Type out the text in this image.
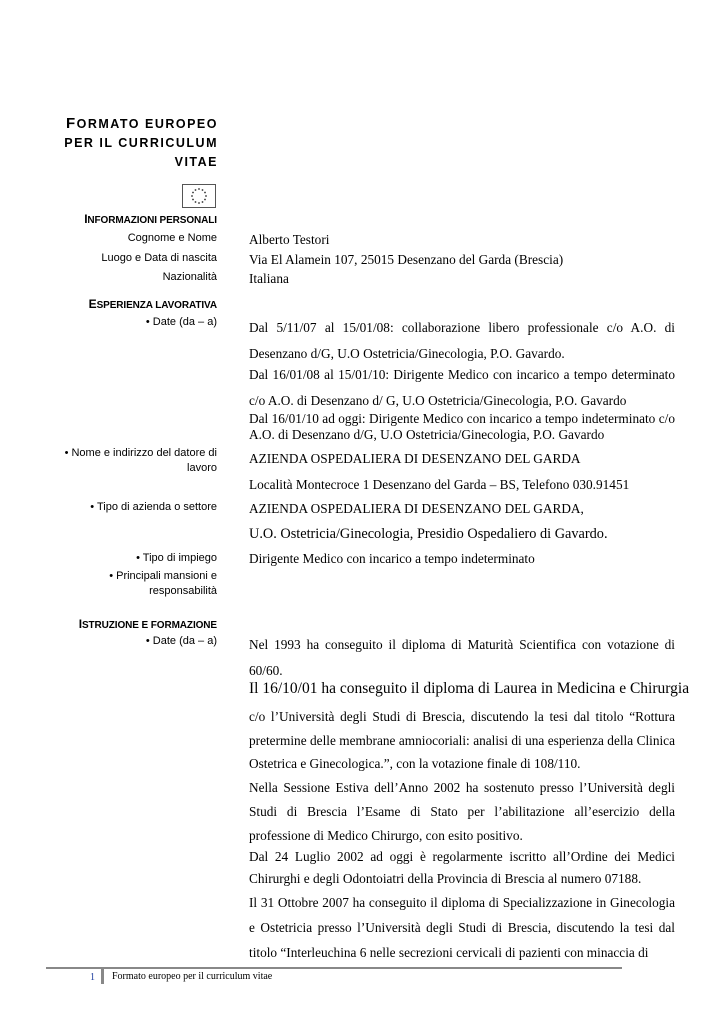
FORMATO EUROPEO
PER IL CURRICULUM
VITAE
INFORMAZIONI PERSONALI
Cognome e Nome Alberto Testori
Luogo e Data di nascita Via El Alamein 107, 25015 Desenzano del Garda (Brescia)
Nazionalità Italiana
ESPERIENZA LAVORATIVA
• Date (da – a) Dal 5/11/07 al 15/01/08: collaborazione libero professionale c/o A.O. di Desenzano d/G, U.O Ostetricia/Ginecologia, P.O. Gavardo.
Dal 16/01/08 al 15/01/10: Dirigente Medico con incarico a tempo determinato c/o A.O. di Desenzano d/ G, U.O Ostetricia/Ginecologia, P.O. Gavardo
Dal 16/01/10 ad oggi: Dirigente Medico con incarico a tempo indeterminato c/o A.O. di Desenzano d/G, U.O Ostetricia/Ginecologia, P.O. Gavardo
• Nome e indirizzo del datore di lavoro
AZIENDA OSPEDALIERA DI DESENZANO DEL GARDA
Località Montecroce 1 Desenzano del Garda – BS, Telefono 030.91451
• Tipo di azienda o settore AZIENDA OSPEDALIERA DI DESENZANO DEL GARDA,
U.O. Ostetricia/Ginecologia, Presidio Ospedaliero di Gavardo.
• Tipo di impiego Dirigente Medico con incarico a tempo indeterminato
• Principali mansioni e responsabilità
ISTRUZIONE E FORMAZIONE
• Date (da – a) Nel 1993 ha conseguito il diploma di Maturità Scientifica con votazione di 60/60.
Il 16/10/01 ha conseguito il diploma di Laurea in Medicina e Chirurgia
c/o l’Università degli Studi di Brescia, discutendo la tesi dal titolo “Rottura pretermine delle membrane amniocoriali: analisi di una esperienza della Clinica Ostetrica e Ginecologica.”, con la votazione finale di 108/110.
Nella Sessione Estiva dell’Anno 2002 ha sostenuto presso l’Università degli Studi di Brescia l’Esame di Stato per l’abilitazione all’esercizio della professione di Medico Chirurgo, con esito positivo.
Dal 24 Luglio 2002 ad oggi è regolarmente iscritto all’Ordine dei Medici Chirurghi e degli Odontoiatri della Provincia di Brescia al numero 07188.
Il 31 Ottobre 2007 ha conseguito il diploma di Specializzazione in Ginecologia e Ostetricia presso l’Università degli Studi di Brescia, discutendo la tesi dal titolo “Interleuchina 6 nelle secrezioni cervicali di pazienti con minaccia di
1 Formato europeo per il curriculum vitae
